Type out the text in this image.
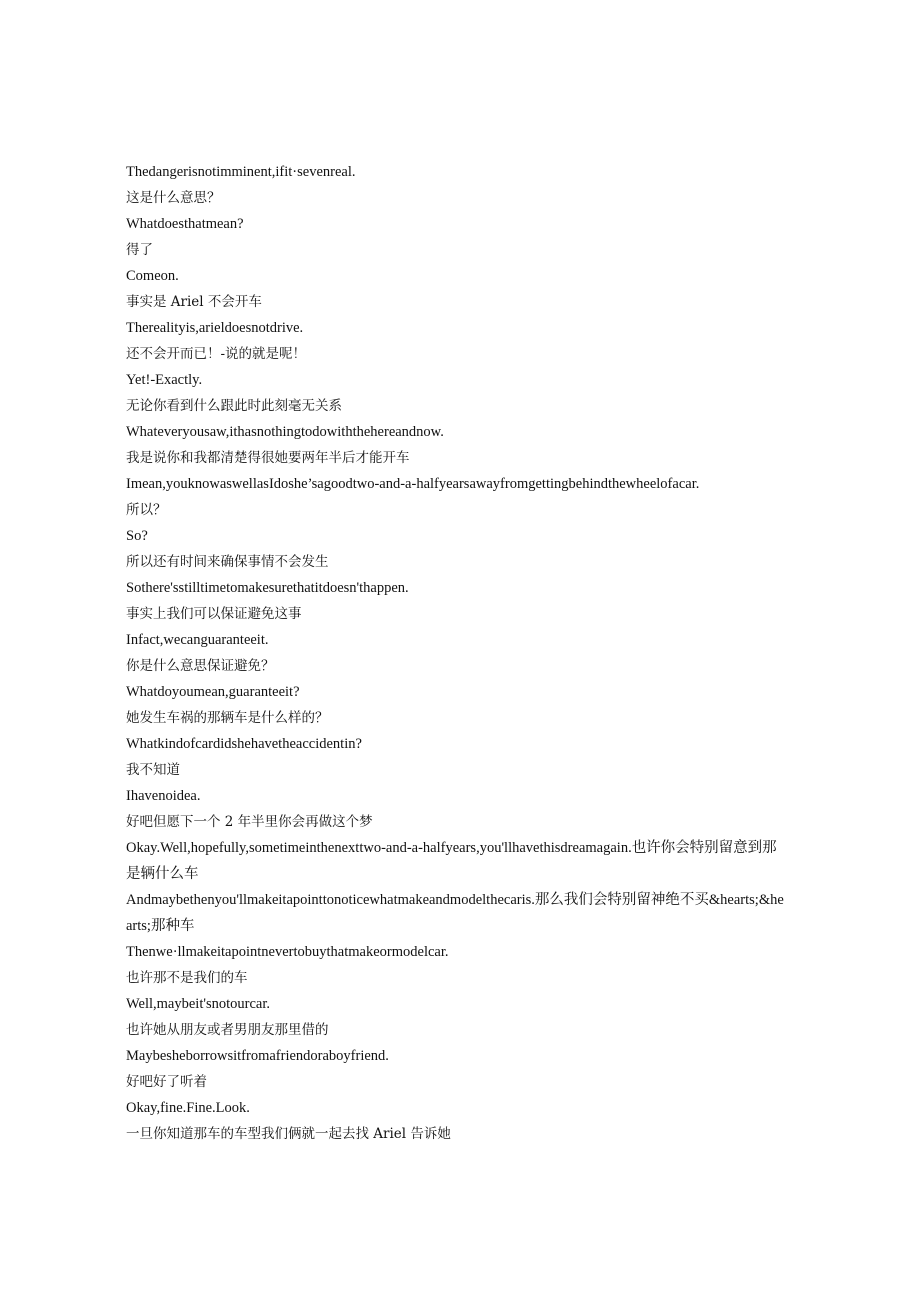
Thedangerisnotimminent,ifit·sevenreal.
这是什么意思？
Whatdoesthatmean?
得了
Comeon.
事实是 Ariel 不会开车
Therealityis,arieldoesnotdrive.
还不会开而已！-说的就是呢！
Yet!-Exactly.
无论你看到什么跟此时此刻毫无关系
Whateveryousaw,ithasnothingtodowiththehereandnow.
我是说你和我都清楚得很她要两年半后才能开车
Imean,youknowaswellasIdoshe’sagoodtwo-and-a-halfyearsawayfromgettingbehindthewheelofacar.
所以？
So?
所以还有时间来确保事情不会发生
Sothere'sstilltimetomakesurethatitdoesn'thappen.
事实上我们可以保证避免这事
Infact,wecanguaranteeit.
你是什么意思保证避免？
Whatdoyoumean,guaranteeit?
她发生车祸的那辆车是什么样的？
Whatkindofcardidshehavetheaccidentin?
我不知道
Ihavenoidea.
好吧但愿下一个 2 年半里你会再做这个梦
Okay.Well,hopefully,sometimeinthenexttwo-and-a-halfyears,you'llhavethisdreamagain.也许你会特别留意到那是辆什么车
Andmaybethenyou'llmakeitapointtonoticewhatmakeandmodelthecaris.那么我们会特别留神绝不买&hearts;&hearts;那种车
Thenwe·llmakeitapointnevertobuythatmakeormodelcar.
也许那不是我们的车
Well,maybeit'snotourcar.
也许她从朋友或者男朋友那里借的
Maybesheborrowsitfromafriendoraboyfriend.
好吧好了听着
Okay,fine.Fine.Look.
一旦你知道那车的车型我们俩就一起去找 Ariel 告诉她
